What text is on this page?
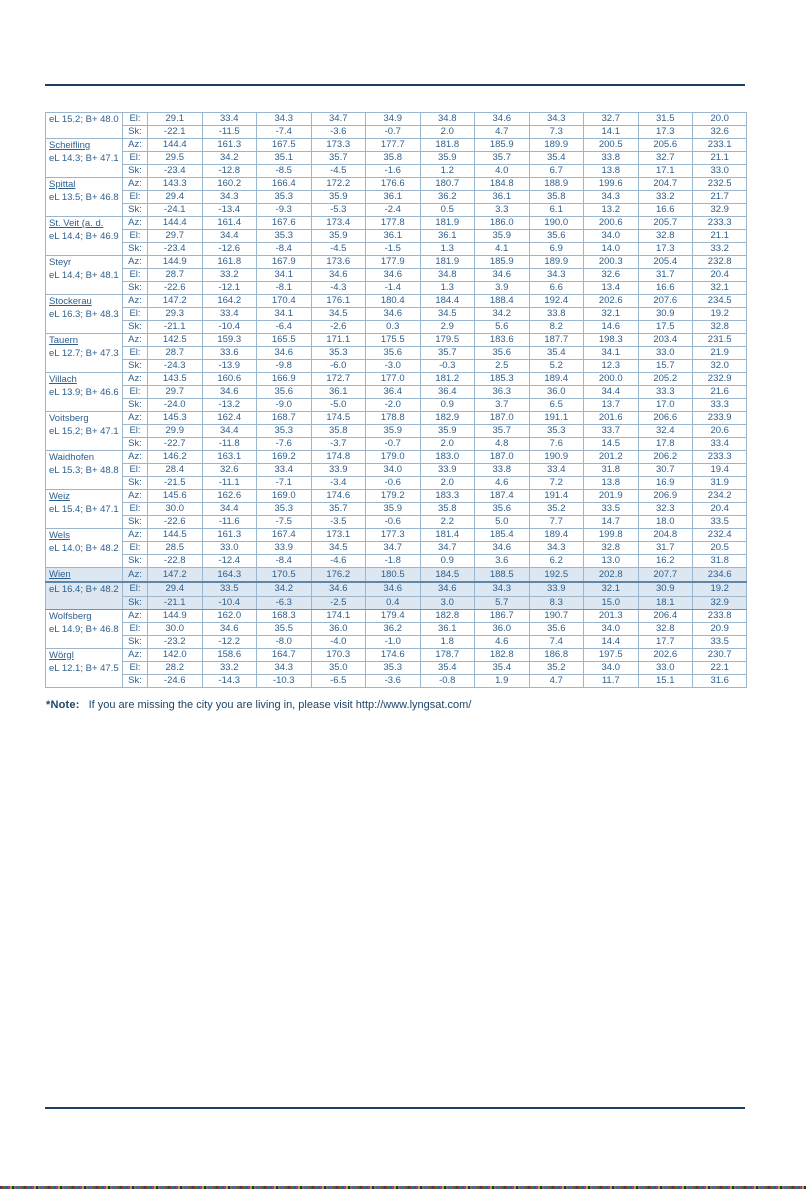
eL 15.2; B+ 48.0	El:	29.1	33.4	34.3	34.7	34.9	34.8	34.6	34.3	32.7	31.5	20.0
	Sk:	-22.1	-11.5	-7.4	-3.6	-0.7	2.0	4.7	7.3	14.1	17.3	32.6

Scheifling
eL 14.3; B+ 47.1	Az:	144.4	161.3	167.5	173.3	177.7	181.8	185.9	189.9	200.5	205.6	233.1
	El:	29.5	34.2	35.1	35.7	35.8	35.9	35.7	35.4	33.8	32.7	21.1
	Sk:	-23.4	-12.8	-8.5	-4.5	-1.6	1.2	4.0	6.7	13.8	17.1	33.0

Spittal
eL 13.5; B+ 46.8	Az:	143.3	160.2	166.4	172.2	176.6	180.7	184.8	188.9	199.6	204.7	232.5
	El:	29.4	34.3	35.3	35.9	36.1	36.2	36.1	35.8	34.3	33.2	21.7
	Sk:	-24.1	-13.4	-9.3	-5.3	-2.4	0.5	3.3	6.1	13.2	16.6	32.9

St. Veit (a. d.
eL 14.4; B+ 46.9	Az:	144.4	161.4	167.6	173.4	177.8	181.9	186.0	190.0	200.6	205.7	233.3
	El:	29.7	34.4	35.3	35.9	36.1	36.1	35.9	35.6	34.0	32.8	21.1
	Sk:	-23.4	-12.6	-8.4	-4.5	-1.5	1.3	4.1	6.9	14.0	17.3	33.2

Steyr
eL 14.4; B+ 48.1	Az:	144.9	161.8	167.9	173.6	177.9	181.9	185.9	189.9	200.3	205.4	232.8
	El:	28.7	33.2	34.1	34.6	34.6	34.8	34.6	34.3	32.6	31.7	20.4
	Sk:	-22.6	-12.1	-8.1	-4.3	-1.4	1.3	3.9	6.6	13.4	16.6	32.1

Stockerau
eL 16.3; B+ 48.3	Az:	147.2	164.2	170.4	176.1	180.4	184.4	188.4	192.4	202.6	207.6	234.5
	El:	29.3	33.4	34.1	34.5	34.6	34.5	34.2	33.8	32.1	30.9	19.2
	Sk:	-21.1	-10.4	-6.4	-2.6	0.3	2.9	5.6	8.2	14.6	17.5	32.8

Tauern
eL 12.7; B+ 47.3	Az:	142.5	159.3	165.5	171.1	175.5	179.5	183.6	187.7	198.3	203.4	231.5
	El:	28.7	33.6	34.6	35.3	35.6	35.7	35.6	35.4	34.1	33.0	21.9
	Sk:	-24.3	-13.9	-9.8	-6.0	-3.0	-0.3	2.5	5.2	12.3	15.7	32.0

Villach
eL 13.9; B+ 46.6	Az:	143.5	160.6	166.9	172.7	177.0	181.2	185.3	189.4	200.0	205.2	232.9
	El:	29.7	34.6	35.6	36.1	36.4	36.4	36.3	36.0	34.4	33.3	21.6
	Sk:	-24.0	-13.2	-9.0	-5.0	-2.0	0.9	3.7	6.5	13.7	17.0	33.3

Voitsberg
eL 15.2; B+ 47.1	Az:	145.3	162.4	168.7	174.5	178.8	182.9	187.0	191.1	201.6	206.6	233.9
	El:	29.9	34.4	35.3	35.8	35.9	35.9	35.7	35.3	33.7	32.4	20.6
	Sk:	-22.7	-11.8	-7.6	-3.7	-0.7	2.0	4.8	7.6	14.5	17.8	33.4

Waidhofen
eL 15.3; B+ 48.8	Az:	146.2	163.1	169.2	174.8	179.0	183.0	187.0	190.9	201.2	206.2	233.3
	El:	28.4	32.6	33.4	33.9	34.0	33.9	33.8	33.4	31.8	30.7	19.4
	Sk:	-21.5	-11.1	-7.1	-3.4	-0.6	2.0	4.6	7.2	13.8	16.9	31.9

Weiz
eL 15.4; B+ 47.1	Az:	145.6	162.6	169.0	174.6	179.2	183.3	187.4	191.4	201.9	206.9	234.2
	El:	30.0	34.4	35.3	35.7	35.9	35.8	35.6	35.2	33.5	32.3	20.4
	Sk:	-22.6	-11.6	-7.5	-3.5	-0.6	2.2	5.0	7.7	14.7	18.0	33.5

Wels
eL 14.0; B+ 48.2	Az:	144.5	161.3	167.4	173.1	177.3	181.4	185.4	189.4	199.8	204.8	232.4
	El:	28.5	33.0	33.9	34.5	34.7	34.7	34.6	34.3	32.8	31.7	20.5
	Sk:	-22.8	-12.4	-8.4	-4.6	-1.8	0.9	3.6	6.2	13.0	16.2	31.8

Wien	Az:	147.2	164.3	170.5	176.2	180.5	184.5	188.5	192.5	202.8	207.7	234.6

eL 16.4; B+ 48.2	El:	29.4	33.5	34.2	34.6	34.6	34.6	34.3	33.9	32.1	30.9	19.2
	Sk:	-21.1	-10.4	-6.3	-2.5	0.4	3.0	5.7	8.3	15.0	18.1	32.9

Wolfsberg
eL 14.9; B+ 46.8	Az:	144.9	162.0	168.3	174.1	179.4	182.8	186.7	190.7	201.3	206.4	233.8
	El:	30.0	34.6	35.5	36.0	36.2	36.1	36.0	35.6	34.0	32.8	20.9
	Sk:	-23.2	-12.2	-8.0	-4.0	-1.0	1.8	4.6	7.4	14.4	17.7	33.5

Wörgl
eL 12.1; B+ 47.5	Az:	142.0	158.6	164.7	170.3	174.6	178.7	182.8	186.8	197.5	202.6	230.7
	El:	28.2	33.2	34.3	35.0	35.3	35.4	35.4	35.2	34.0	33.0	22.1
	Sk:	-24.6	-14.3	-10.3	-6.5	-3.6	-0.8	1.9	4.7	11.7	15.1	31.6
*Note: If you are missing the city you are living in, please visit http://www.lyngsat.com/
